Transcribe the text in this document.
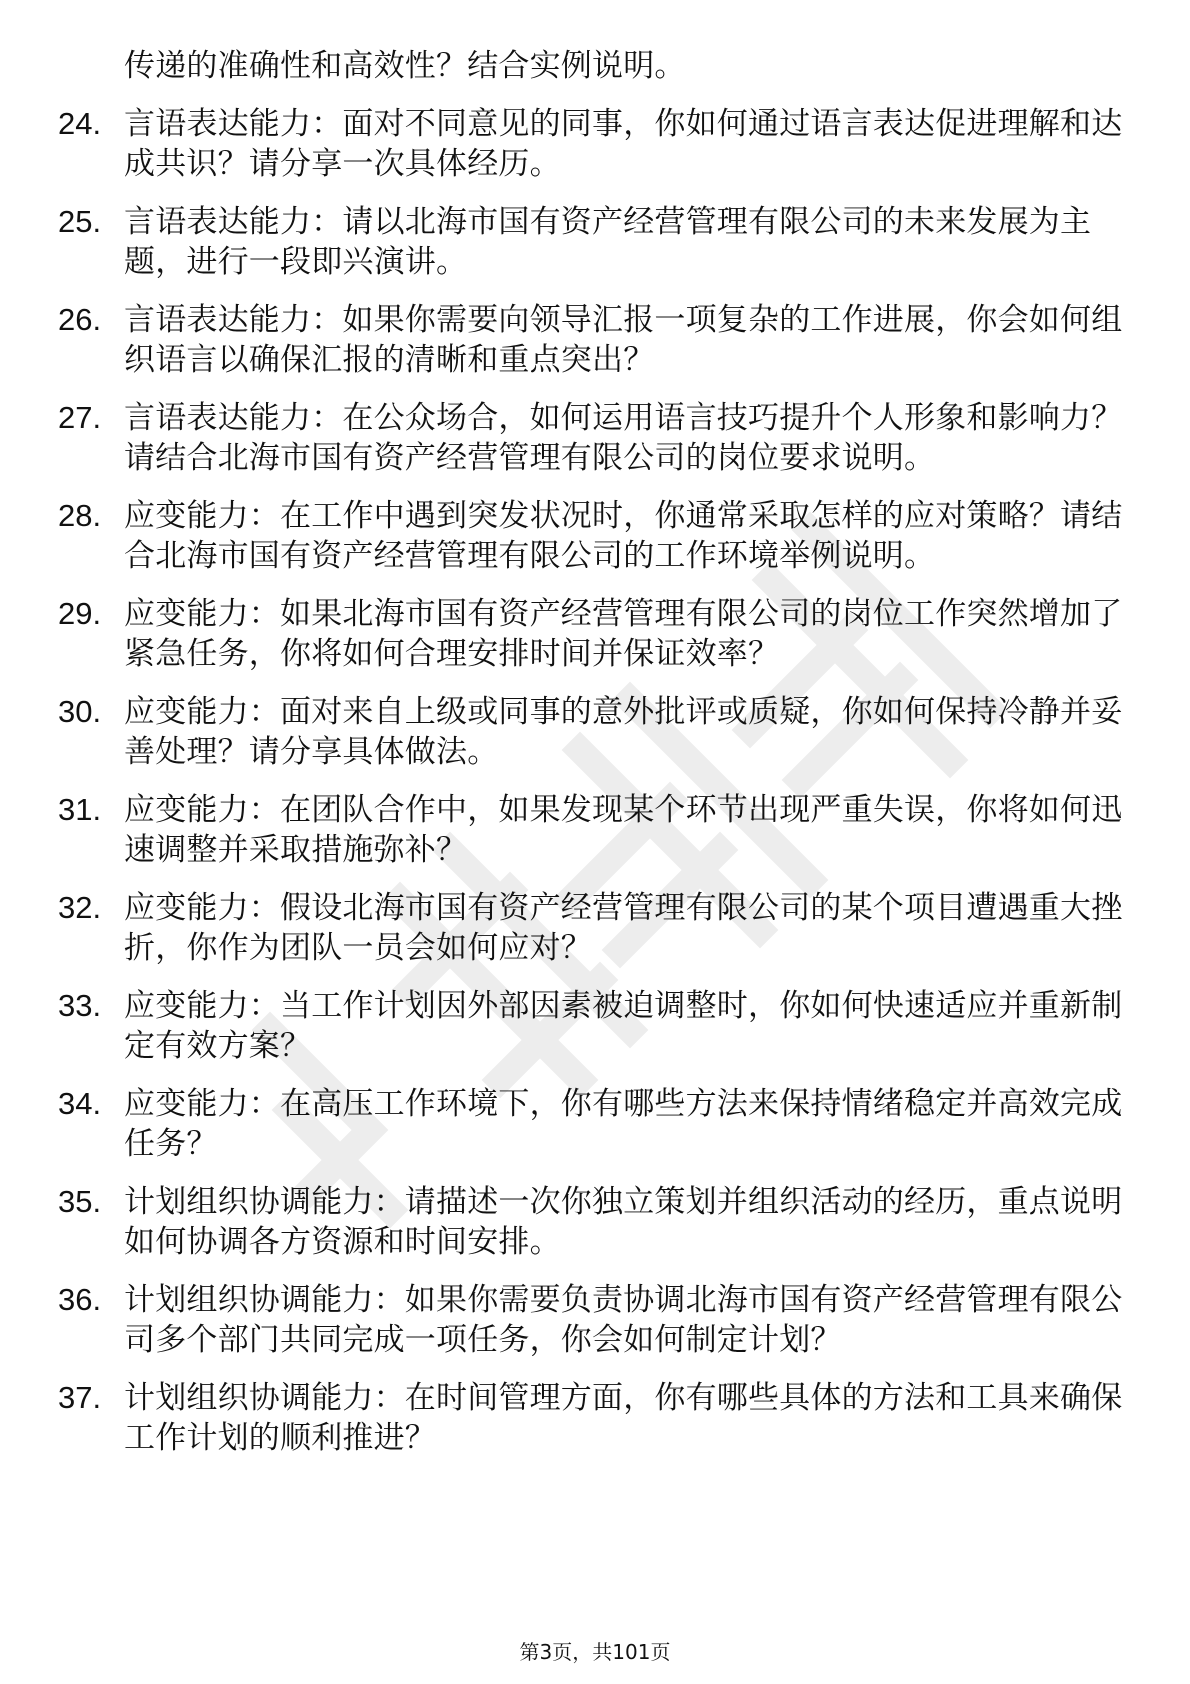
传递的准确性和高效性？结合实例说明。

24. 言语表达能力：面对不同意见的同事，你如何通过语言表达促进理解和达成共识？请分享一次具体经历。
25. 言语表达能力：请以北海市国有资产经营管理有限公司的未来发展为主题，进行一段即兴演讲。
26. 言语表达能力：如果你需要向领导汇报一项复杂的工作进展，你会如何组织语言以确保汇报的清晰和重点突出？
27. 言语表达能力：在公众场合，如何运用语言技巧提升个人形象和影响力？请结合北海市国有资产经营管理有限公司的岗位要求说明。
28. 应变能力：在工作中遇到突发状况时，你通常采取怎样的应对策略？请结合北海市国有资产经营管理有限公司的工作环境举例说明。
29. 应变能力：如果北海市国有资产经营管理有限公司的岗位工作突然增加了紧急任务，你将如何合理安排时间并保证效率？
30. 应变能力：面对来自上级或同事的意外批评或质疑，你如何保持冷静并妥善处理？请分享具体做法。
31. 应变能力：在团队合作中，如果发现某个环节出现严重失误，你将如何迅速调整并采取措施弥补？
32. 应变能力：假设北海市国有资产经营管理有限公司的某个项目遭遇重大挫折，你作为团队一员会如何应对？
33. 应变能力：当工作计划因外部因素被迫调整时，你如何快速适应并重新制定有效方案？
34. 应变能力：在高压工作环境下，你有哪些方法来保持情绪稳定并高效完成任务？
35. 计划组织协调能力：请描述一次你独立策划并组织活动的经历，重点说明如何协调各方资源和时间安排。
36. 计划组织协调能力：如果你需要负责协调北海市国有资产经营管理有限公司多个部门共同完成一项任务，你会如何制定计划？
37. 计划组织协调能力：在时间管理方面，你有哪些具体的方法和工具来确保工作计划的顺利推进？
第3页，共101页
